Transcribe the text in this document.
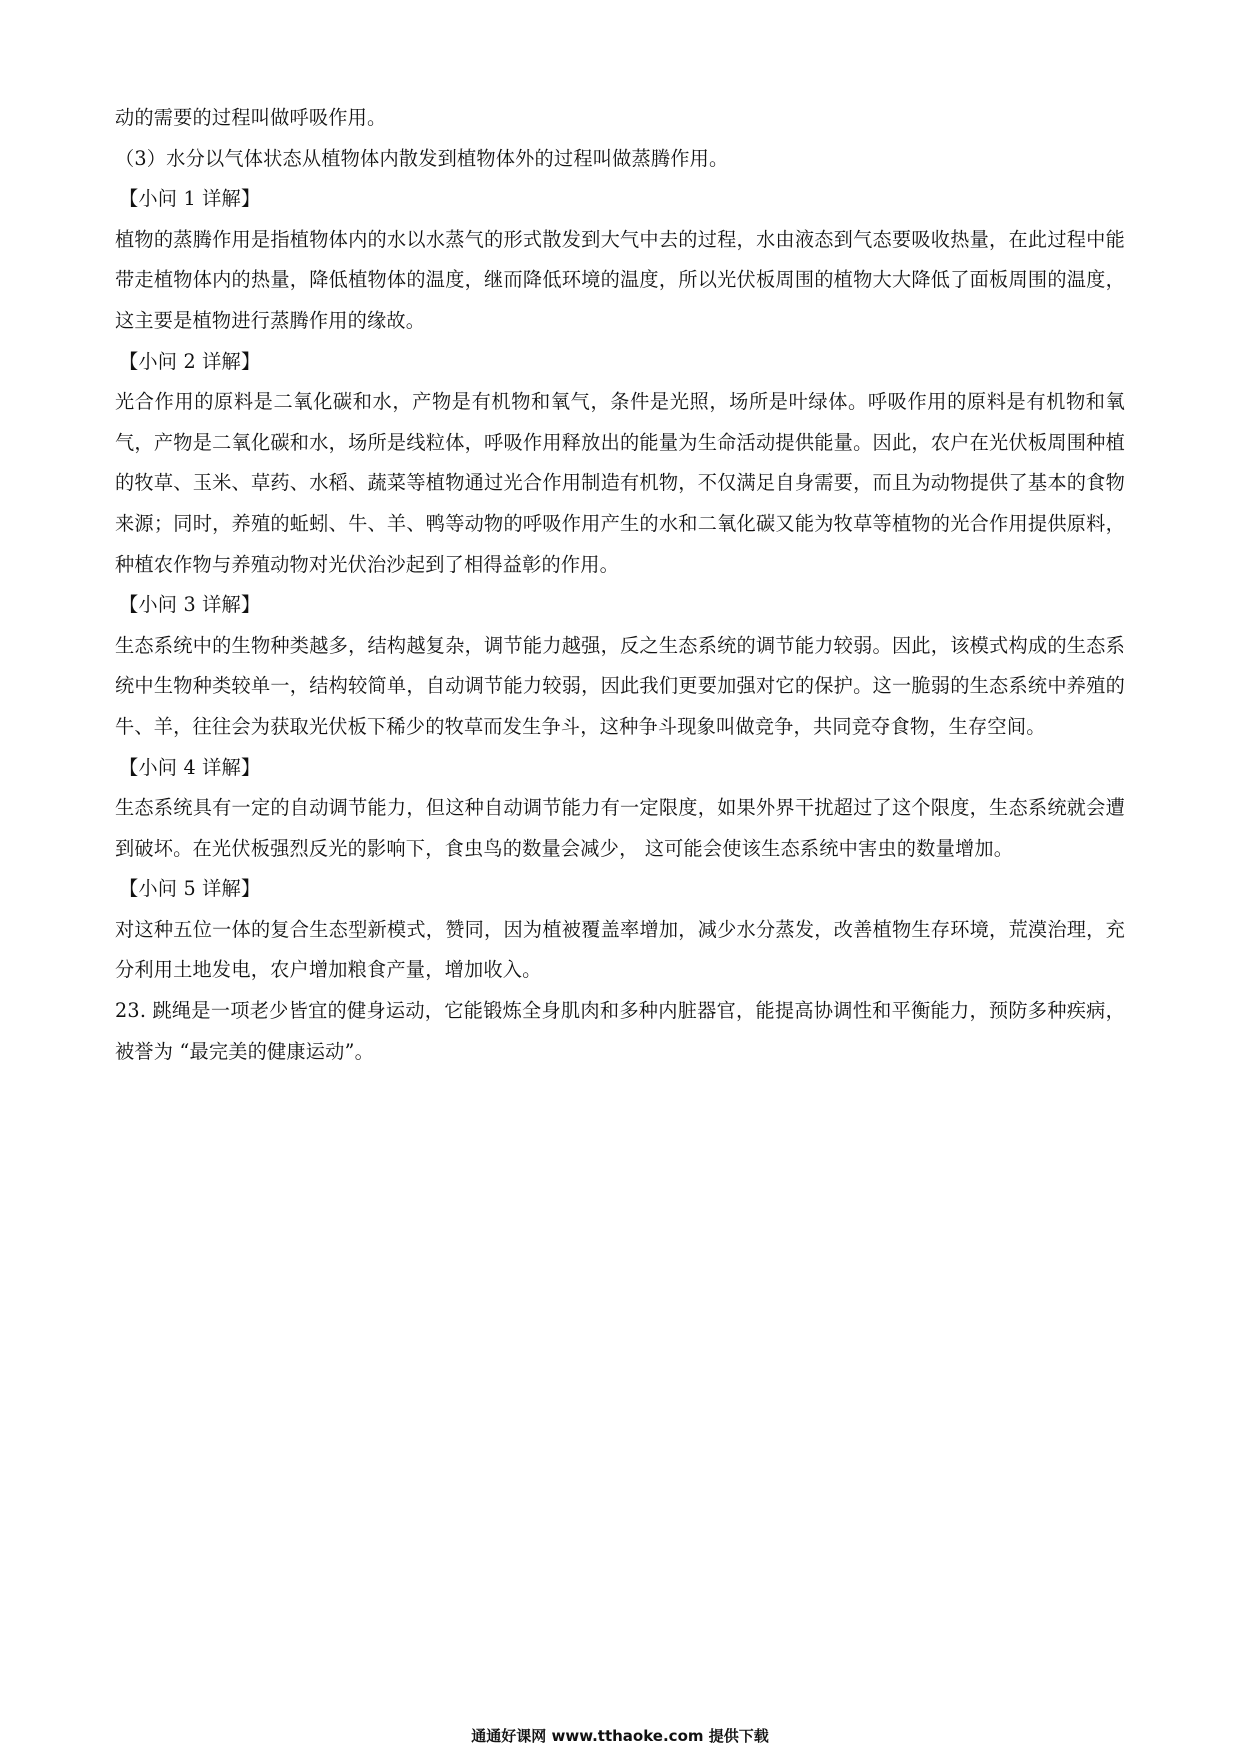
动的需要的过程叫做呼吸作用。

（3）水分以气体状态从植物体内散发到植物体外的过程叫做蒸腾作用。

【小问 1 详解】

植物的蒸腾作用是指植物体内的水以水蒸气的形式散发到大气中去的过程，水由液态到气态要吸收热量，在此过程中能带走植物体内的热量，降低植物体的温度，继而降低环境的温度，所以光伏板周围的植物大大降低了面板周围的温度，这主要是植物进行蒸腾作用的缘故。

【小问 2 详解】

光合作用的原料是二氧化碳和水，产物是有机物和氧气，条件是光照，场所是叶绿体。呼吸作用的原料是有机物和氧气，产物是二氧化碳和水，场所是线粒体，呼吸作用释放出的能量为生命活动提供能量。因此，农户在光伏板周围种植的牧草、玉米、草药、水稻、蔬菜等植物通过光合作用制造有机物，不仅满足自身需要，而且为动物提供了基本的食物来源；同时，养殖的蚯蚓、牛、羊、鸭等动物的呼吸作用产生的水和二氧化碳又能为牧草等植物的光合作用提供原料，种植农作物与养殖动物对光伏治沙起到了相得益彰的作用。

【小问 3 详解】

生态系统中的生物种类越多，结构越复杂，调节能力越强，反之生态系统的调节能力较弱。因此，该模式构成的生态系统中生物种类较单一，结构较简单，自动调节能力较弱，因此我们更要加强对它的保护。这一脆弱的生态系统中养殖的牛、羊，往往会为获取光伏板下稀少的牧草而发生争斗，这种争斗现象叫做竞争，共同竞夺食物，生存空间。

【小问 4 详解】

生态系统具有一定的自动调节能力，但这种自动调节能力有一定限度，如果外界干扰超过了这个限度，生态系统就会遭到破坏。在光伏板强烈反光的影响下，食虫鸟的数量会减少， 这可能会使该生态系统中害虫的数量增加。

【小问 5 详解】

对这种五位一体的复合生态型新模式，赞同，因为植被覆盖率增加，减少水分蒸发，改善植物生存环境，荒漠治理，充分利用土地发电，农户增加粮食产量，增加收入。

23. 跳绳是一项老少皆宜的健身运动，它能锻炼全身肌肉和多种内脏器官，能提高协调性和平衡能力，预防多种疾病，被誉为 “最完美的健康运动”。

通通好课网 www.tthaoke.com 提供下载
